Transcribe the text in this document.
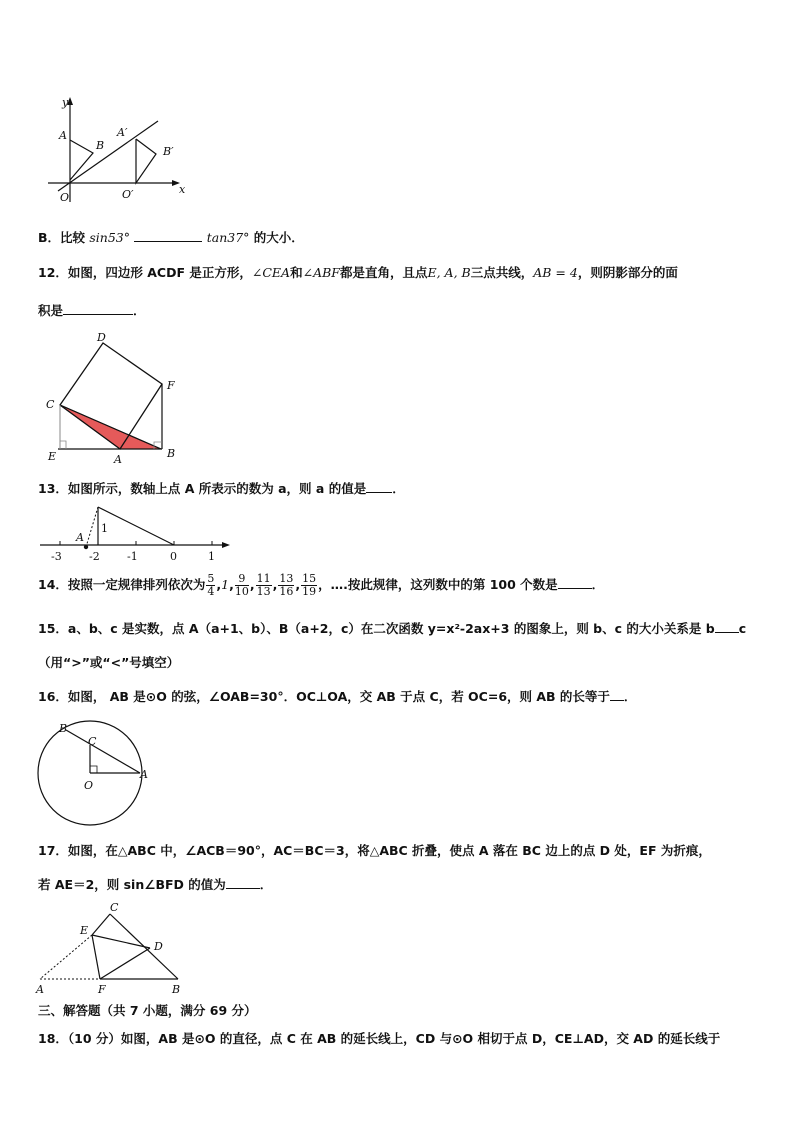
y
x
O
A
B
A′
B′
O′
B．比较 sin53°	tan37° 的大小．
12．如图，四边形 ACDF 是正方形，∠CEA和∠ABF都是直角，且点E, A, B三点共线，AB = 4，则阴影部分的面
积是	．
D
F
C
E	A	B
13．如图所示，数轴上点 A 所表示的数为 a，则 a 的值是 ．
A
1
-3 -2 -1	0	1
14．按照一定规律排列依次为 $\frac{5}{4} ,1$, $\frac{9}{10}$ , $\frac{11}{13}$ , $\frac{13}{16}$ , $\frac{15}{19}$ ，….按此规律，这列数中的第 100 个数是	．
15．a、b、c 是实数，点 A（a+1、b）、B（a+2，c）在二次函数 y=x²-2ax+3 的图象上，则 b、c 的大小关系是 b c
（用“>”或“<”号填空）
16．如图， AB 是⊙O 的弦，∠OAB=30°．OC⊥OA，交 AB 于点 C，若 OC=6，则 AB 的长等于 ．
B
C
O
A
17．如图，在△ABC 中，∠ACB＝90°，AC＝BC＝3，将△ABC 折叠，使点 A 落在 BC 边上的点 D 处，EF 为折痕，
若 AE＝2，则 sin∠BFD 的值为	．
C
E
D
A	F	B
三、解答题（共 7 小题，满分 69 分）
18．（10 分）如图，AB 是⊙O 的直径，点 C 在 AB 的延长线上，CD 与⊙O 相切于点 D，CE⊥AD，交 AD 的延长线于
